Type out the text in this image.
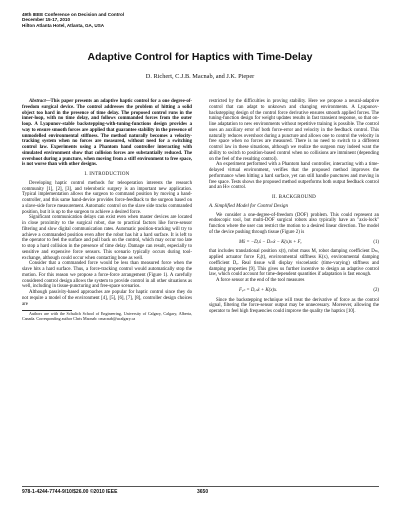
49th IEEE Conference on Decision and Control
December 15-17, 2010
Hilton Atlanta Hotel, Atlanta, GA, USA
Adaptive Control for Haptics with Time-Delay
D. Richert, C.J.B. Macnab, and J.K. Pieper

Abstract—This paper presents an adaptive haptic control for a one degree-of-freedom surgical device. The control addresses the problem of hitting a solid object too hard in the presence of time delay. The proposed control runs in the inner-loop, with no time delay, and follows commanded forces from the outer loop. A Lyapunov-stable backstepping-with-tuning-functions design provides a way to ensure smooth forces are applied that guarantee stability in the presence of unmodelled environmental stiffness. The method naturally becomes a velocity-tracking system when no forces are measured, without need for a switching control law. Experiments using a Phantom hand controller interacting with simulated environment show that collision forces are substantially reduced. The overshoot during a puncture, when moving from a stiff environment to free space, is not worse than with other designs.

I. INTRODUCTION

Developing haptic control methods for teleoperation interests the research community [1], [2], [3], and telerobotic surgery is an important new application. Typical implementation allows the surgeon to command position by moving a hand-controller, and this same hand-device provides force-feedback to the surgeon based on a slave-side force measurement. Automatic control on the slave side tracks commanded position, but it is up to the surgeon to achieve a desired force.

Significant communication delays can exist even when master devices are located in close proximity to the surgical robot, due to practical factors like force-sensor filtering and slow digital communication rates. Automatic position-tracking will try to achieve a commanded position even after the robot has hit a hard surface. It is left to the operator to feel the surface and pull back on the control, which may occur too late to stop a hard collision in the presence of time delay. Damage can result, especially to sensitive and expensive force sensors. This scenario typically occurs during tool-exchange, although could occur when contacting bone as well.

Consider that a commanded force would be less than measured force when the slave hits a hard surface. Thus, a force-tracking control would automatically stop the motion. For this reason we propose a force-force arrangement (Figure 1). A carefully considered control design allows the system to provide control in all other situations as well, including in tissue-puncturing and free-space scenarios.

Although passivity-based approaches are popular for haptic control since they do not require a model of the environment [4], [5], [6], [7], [8], controller design choices are

Authors are with the Schulich School of Engineering, University of Calgary, Calgary, Alberta, Canada. Corresponding author Chris Macnab: cmacnab@ucalgary.ca

restricted by the difficulties in proving stability. Here we propose a neural-adaptive control that can adapt to unknown and changing environments. A Lyapunov-backstepping design of the control force derivative ensures smooth applied forces. The tuning-function design for weight updates results in fast transient response, so that on-line adaptation to new environments without repetitive training is possible. The control uses an auxiliary error of both force-error and velocity in the feedback control. This naturally reduces overshoot during a puncture and allows one to control the velocity in free space when no forces are measured. There is no need to switch to a different control law in these situations, although we realize the surgeon may indeed want the ability to switch to position-based control when no collisions are imminent (depending on the feel of the resulting control).

An experiment performed with a Phantom hand controller, interacting with a time-delayed virtual environment, verifies that the proposed method improves the performance when hitting a hard surface, yet can still handle punctures and moving in free space. Tests shows the proposed method outperforms both output feedback control and an H∞ control.

II. BACKGROUND
A. Simplified Model for Control Design

We consider a one-degree-of-freedom (DOF) problem. This could represent an endoscopic tool, but multi-DOF surgical robots also typically have an "axis-lock" function where the user can restrict the motion to a desired linear direction. The model of the device pushing through tissue (Figure 2) is

Mẍ = −Dₑẋ − Dₘẋ − K(x)x + Fₑ	(1)

that includes translational position x(t), robot mass M, robot damping coefficient Dₘ, applied actuator force Fₑ(t), environmental stiffness K(x), environmental damping coefficient Dₑ. Real tissue will display viscoelastic (time-varying) stiffness and damping properties [9]. This gives us further incentive to design an adaptive control law, which could account for time-dependent quantities if adaptation is fast enough.

A force sensor at the end of the tool measures

Fₑₙ = Dₑₙẋ + K(x)x.	(2)

Since the backstepping technique will treat the derivative of force as the control signal, filtering the force-sensor output may be unnecessary. Moreover, allowing the operator to feel high frequencies could improve the quality the haptics [10].

978-1-4244-7744-9/10/$26.00 ©2010 IEEE	3650
